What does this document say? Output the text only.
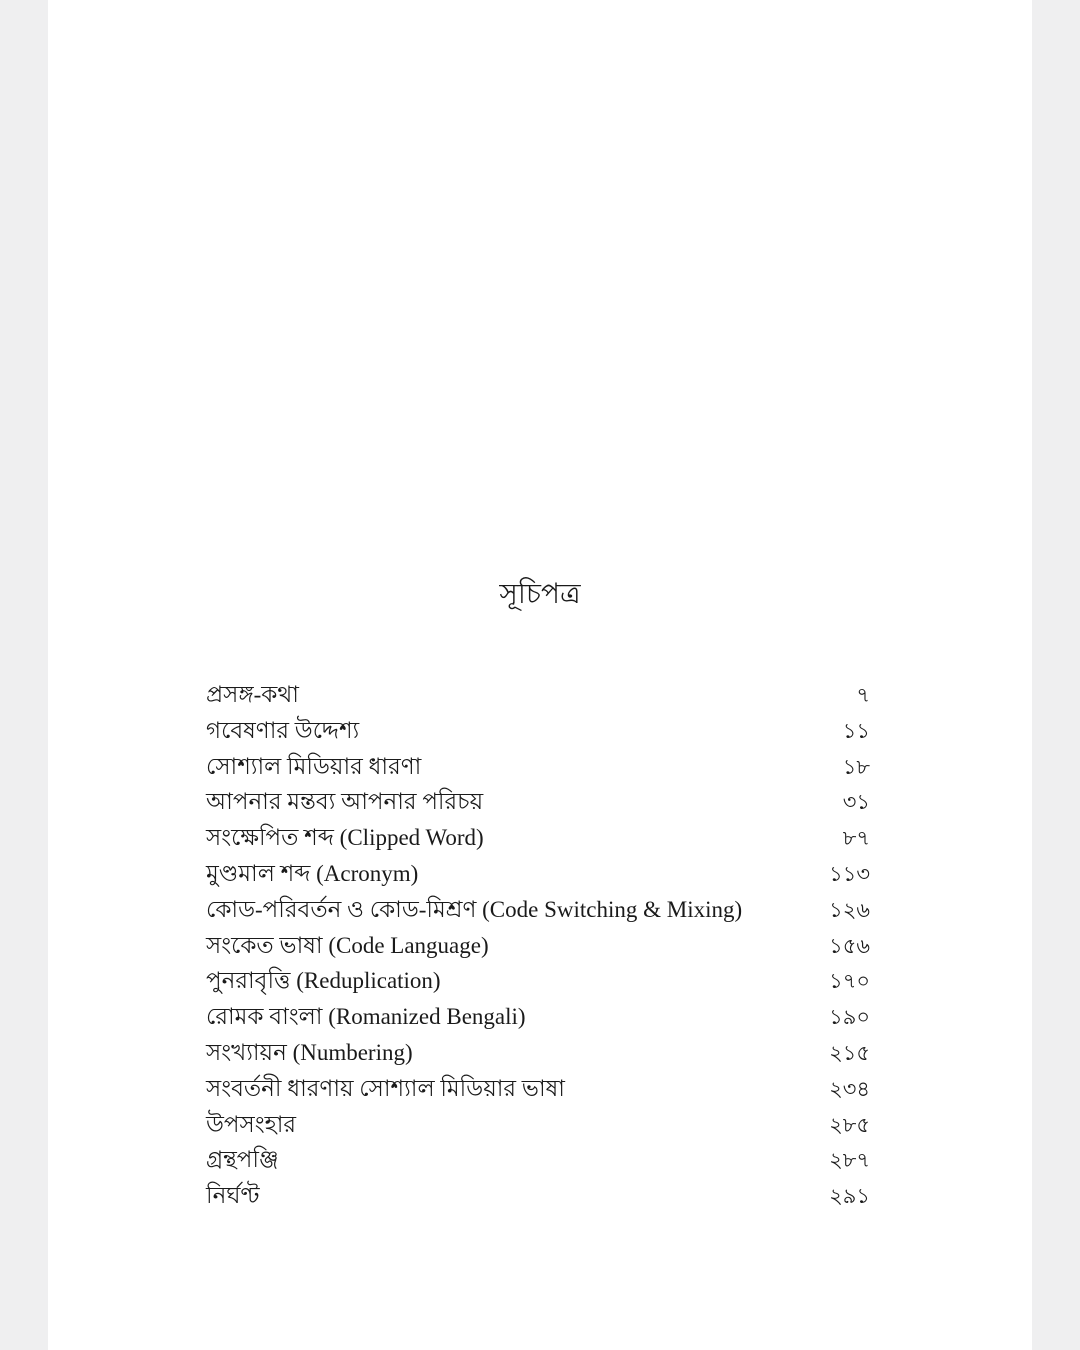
সূচিপত্র
প্রসঙ্গ-কথা	৭
গবেষণার উদ্দেশ্য	১১
সোশ্যাল মিডিয়ার ধারণা	১৮
আপনার মন্তব্য আপনার পরিচয়	৩১
সংক্ষেপিত শব্দ (Clipped Word)	৮৭
মুণ্ডমাল শব্দ (Acronym)	১১৩
কোড-পরিবর্তন ও কোড-মিশ্রণ (Code Switching & Mixing)	১২৬
সংকেত ভাষা (Code Language)	১৫৬
পুনরাবৃত্তি (Reduplication)	১৭০
রোমক বাংলা (Romanized Bengali)	১৯০
সংখ্যায়ন (Numbering)	২১৫
সংবর্তনী ধারণায় সোশ্যাল মিডিয়ার ভাষা	২৩৪
উপসংহার	২৮৫
গ্রন্থপঞ্জি	২৮৭
নির্ঘণ্ট	২৯১
